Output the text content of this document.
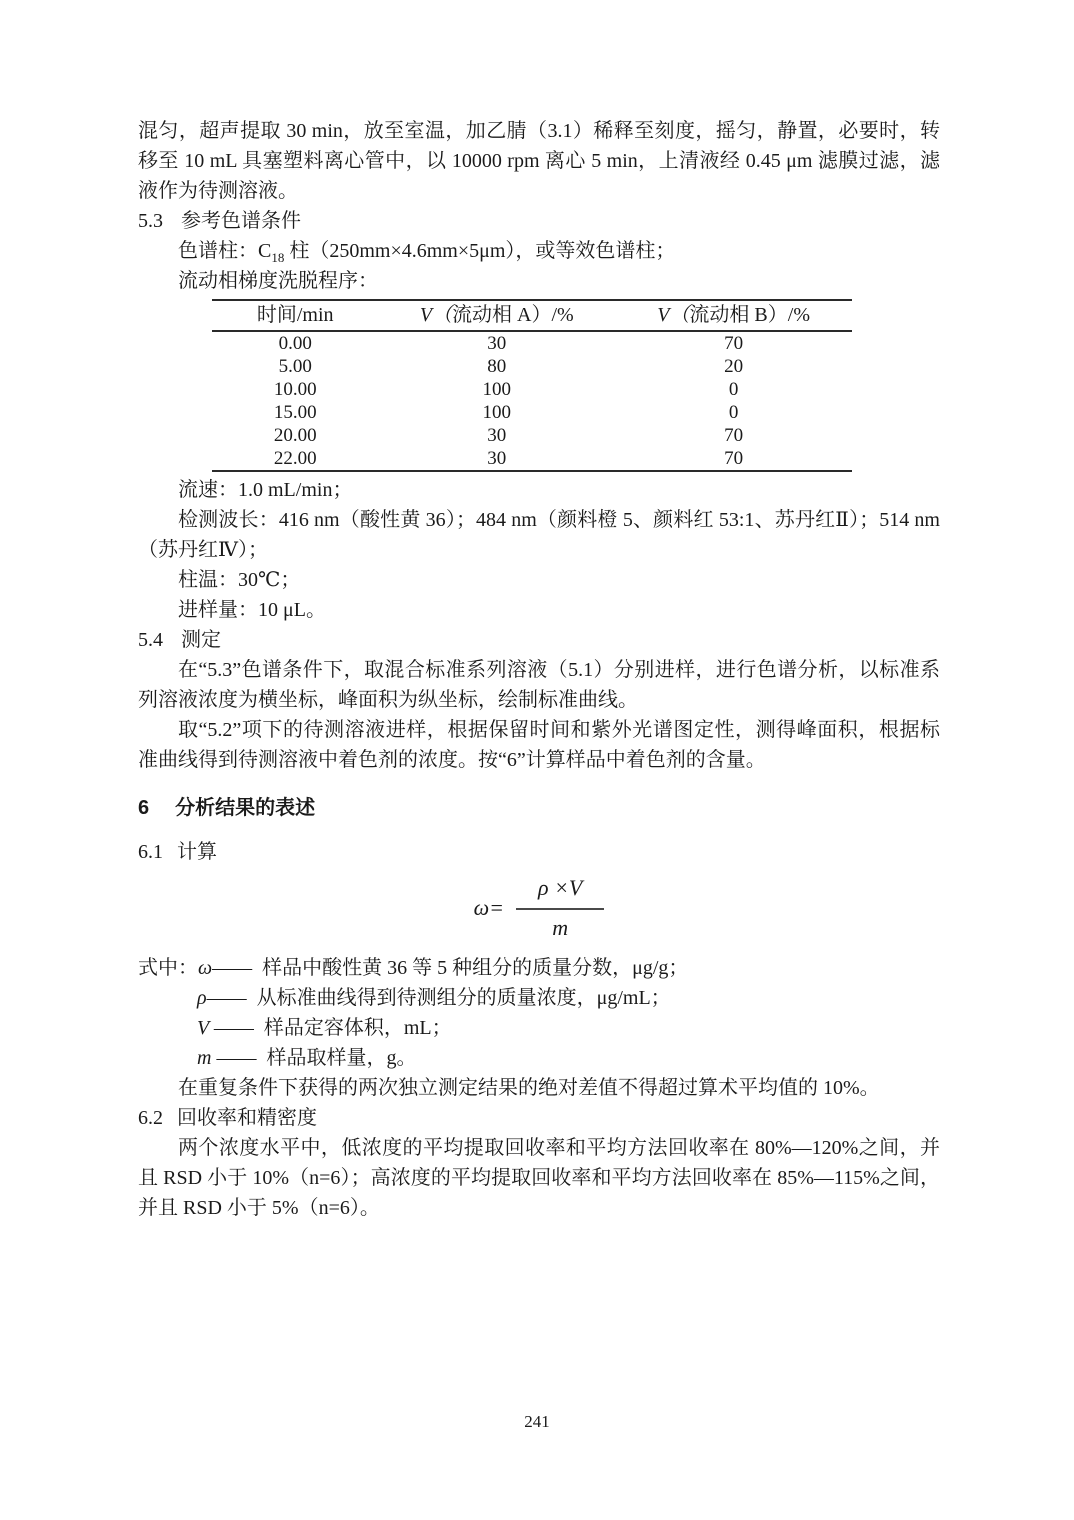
混匀，超声提取 30 min，放至室温，加乙腈（3.1）稀释至刻度，摇匀，静置，必要时，转移至 10 mL 具塞塑料离心管中，以 10000 rpm 离心 5 min，上清液经 0.45 μm 滤膜过滤，滤液作为待测溶液。

5.3 参考色谱条件

色谱柱：$C_{18}$ 柱（250mm×4.6mm×5μm），或等效色谱柱；

流动相梯度洗脱程序：

时间/min	V（流动相 A）/%	V（流动相 B）/%
0.00	30	70
5.00	80	20
10.00	100	0
15.00	100	0
20.00	30	70
22.00	30	70

流速：1.0 mL/min；

检测波长：416 nm（酸性黄 36）；484 nm（颜料橙 5、颜料红 53:1、苏丹红Ⅱ）；514 nm（苏丹红Ⅳ）；

柱温：30℃；

进样量：10 μL。

5.4 测定

在“5.3”色谱条件下，取混合标准系列溶液（5.1）分别进样，进行色谱分析，以标准系列溶液浓度为横坐标，峰面积为纵坐标，绘制标准曲线。

取“5.2”项下的待测溶液进样，根据保留时间和紫外光谱图定性，测得峰面积，根据标准曲线得到待测溶液中着色剂的浓度。按“6”计算样品中着色剂的含量。

6 分析结果的表述
6.1 计算
$\omega= \frac{\rho \times V}{m}$
式中：ω—— 样品中酸性黄 36 等 5 种组分的质量分数，μg/g；
ρ—— 从标准曲线得到待测组分的质量浓度，μg/mL；
V —— 样品定容体积，mL；
m —— 样品取样量，g。

在重复条件下获得的两次独立测定结果的绝对差值不得超过算术平均值的 10%。

6.2 回收率和精密度

两个浓度水平中，低浓度的平均提取回收率和平均方法回收率在 80%—120%之间，并且 RSD 小于 10%（n=6）；高浓度的平均提取回收率和平均方法回收率在 85%—115%之间，并且 RSD 小于 5%（n=6）。

241
